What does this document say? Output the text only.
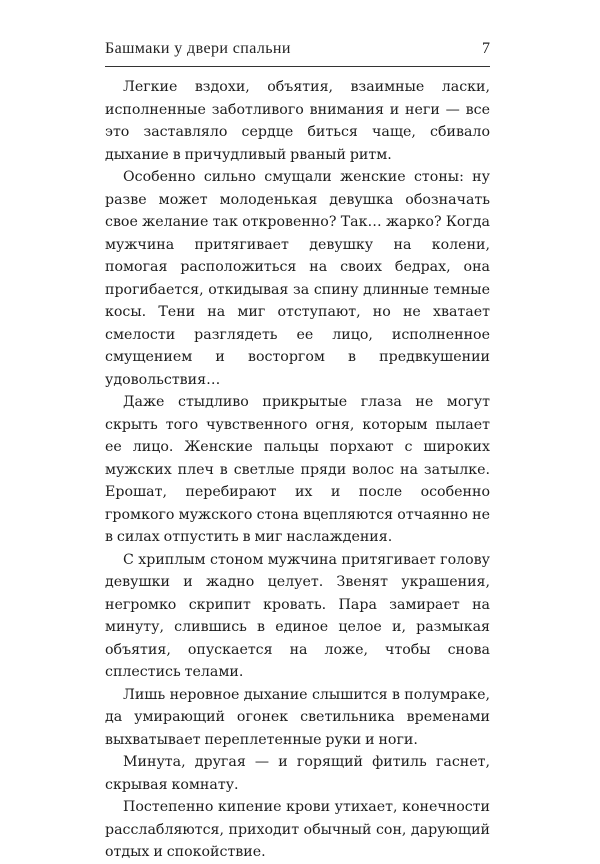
Башмаки у двери спальни	7

Легкие вздохи, объятия, взаимные ласки, исполненные заботливого внимания и неги — все это заставляло сердце биться чаще, сбивало дыхание в причудливый рваный ритм.

Особенно сильно смущали женские стоны: ну разве может молоденькая девушка обозначать свое желание так откровенно? Так… жарко? Когда мужчина притягивает девушку на колени, помогая расположиться на своих бедрах, она прогибается, откидывая за спину длинные темные косы. Тени на миг отступают, но не хватает смелости разглядеть ее лицо, исполненное смущением и восторгом в предвкушении удовольствия…

Даже стыдливо прикрытые глаза не могут скрыть того чувственного огня, которым пылает ее лицо. Женские пальцы порхают с широких мужских плеч в светлые пряди волос на затылке. Ерошат, перебирают их и после особенно громкого мужского стона вцепляются отчаянно не в силах отпустить в миг наслаждения.

С хриплым стоном мужчина притягивает голову девушки и жадно целует. Звенят украшения, негромко скрипит кровать. Пара замирает на минуту, слившись в единое целое и, размыкая объятия, опускается на ложе, чтобы снова сплестись телами.

Лишь неровное дыхание слышится в полумраке, да умирающий огонек светильника временами выхватывает переплетенные руки и ноги.

Минута, другая — и горящий фитиль гаснет, скрывая комнату.

Постепенно кипение крови утихает, конечности расслабляются, приходит обычный сон, дарующий отдых и спокойствие.
